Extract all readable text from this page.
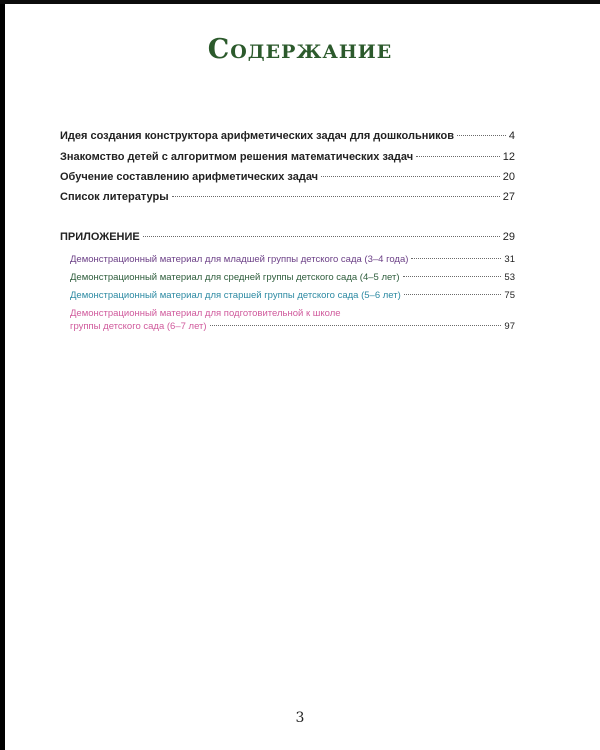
Содержание
Идея создания конструктора арифметических задач для дошкольников	4
Знакомство детей с алгоритмом решения математических задач	12
Обучение составлению арифметических задач	20
Список литературы	27
ПРИЛОЖЕНИЕ	29
Демонстрационный материал для младшей группы детского сада (3–4 года)	31
Демонстрационный материал для средней группы детского сада (4–5 лет)	53
Демонстрационный материал для старшей группы детского сада (5–6 лет)	75
Демонстрационный материал для подготовительной к школе
группы детского сада (6–7 лет)	97
3
